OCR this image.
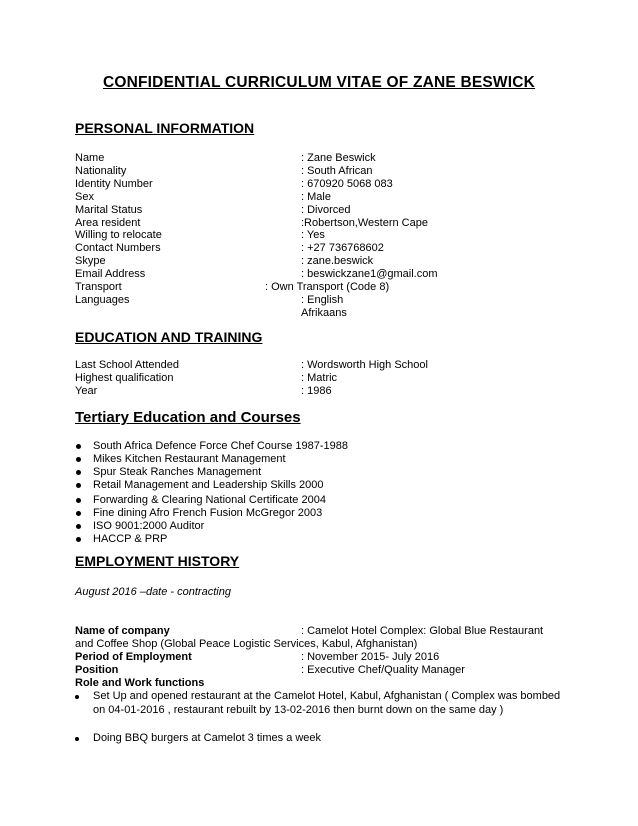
CONFIDENTIAL CURRICULUM VITAE OF ZANE BESWICK
PERSONAL INFORMATION
Name	: Zane Beswick
Nationality	: South African
Identity Number	: 670920 5068 083
Sex	: Male
Marital Status	: Divorced
Area resident	:Robertson,Western Cape
Willing to relocate	: Yes
Contact Numbers	: +27 736768602
Skype	: zane.beswick
Email Address	: beswickzane1@gmail.com
Transport	: Own Transport (Code 8)
Languages	: English
Afrikaans
EDUCATION AND TRAINING
Last School Attended	: Wordsworth High School
Highest qualification	: Matric
Year	: 1986
Tertiary Education and Courses
South Africa Defence Force Chef Course 1987-1988
Mikes Kitchen Restaurant Management
Spur Steak Ranches Management
Retail Management and Leadership Skills 2000
Forwarding & Clearing National Certificate 2004
Fine dining Afro French Fusion McGregor 2003
ISO 9001:2000 Auditor
HACCP & PRP
EMPLOYMENT HISTORY
August 2016 –date - contracting
Name of company	: Camelot Hotel Complex: Global Blue Restaurant
and Coffee Shop (Global Peace Logistic Services, Kabul, Afghanistan)
Period of Employment	: November 2015- July 2016
Position	: Executive Chef/Quality Manager
Role and Work functions
Set Up and opened restaurant at the Camelot Hotel, Kabul, Afghanistan ( Complex was bombed on 04-01-2016 , restaurant rebuilt by 13-02-2016 then burnt down on the same day )
Doing BBQ burgers at Camelot 3 times a week
